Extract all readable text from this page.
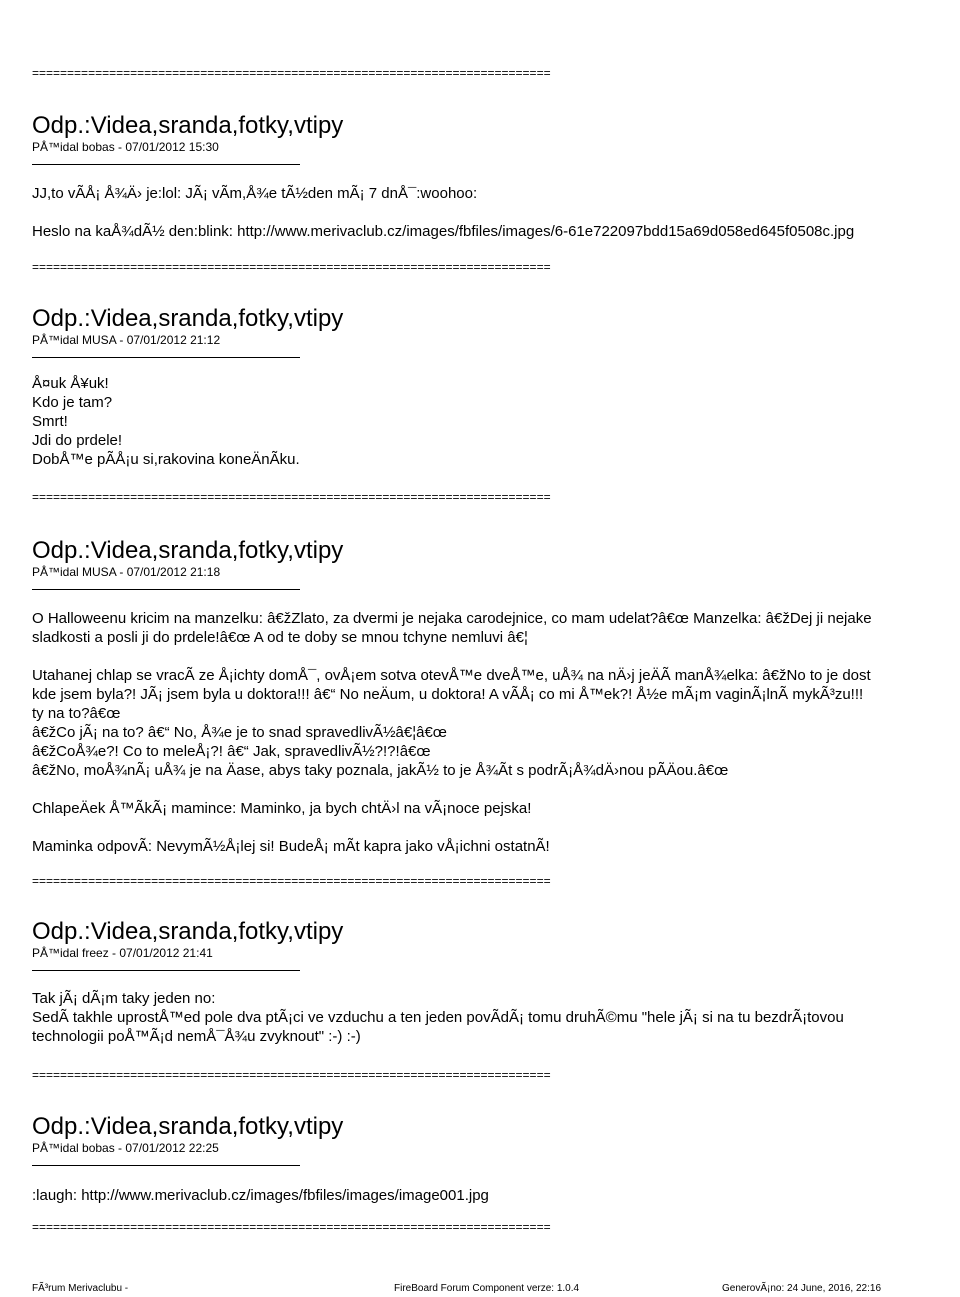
==========================================================================
Odp.:Videa,sranda,fotky,vtipy
PÅ™idal bobas - 07/01/2012 15:30
JJ,to vÃÅ¡ Å¾Ä› je:lol: JÃ¡ vÃm,Å¾e tÃ½den mÃ¡ 7 dnÅ¯:woohoo:
Heslo na kaÅ¾dÃ½ den:blink: http://www.merivaclub.cz/images/fbfiles/images/6-61e722097bdd15a69d058ed645f0508c.jpg
==========================================================================
Odp.:Videa,sranda,fotky,vtipy
PÅ™idal MUSA - 07/01/2012 21:12
Å¤uk Å¥uk!
Kdo je tam?
Smrt!
Jdi do prdele!
DobÅ™e pÃÅ¡u si,rakovina koneÄnÃku.
==========================================================================
Odp.:Videa,sranda,fotky,vtipy
PÅ™idal MUSA - 07/01/2012 21:18
O Halloweenu kricim na manzelku: â€žZlato, za dvermi je nejaka carodejnice, co mam udelat?â€œ Manzelka: â€žDej ji nejake
sladkosti a posli ji do prdele!â€œ A od te doby se mnou tchyne nemluvi â€¦
Utahanej chlap se vracÃ ze Å¡ichty domÅ¯, ovÅ¡em sotva otevÅ™e dveÅ™e, uÅ¾ na nÄ›j jeÄÃ manÅ¾elka: â€žNo to je dost
kde jsem byla?! JÃ¡ jsem byla u doktora!!! â€“ No neÄum, u doktora! A vÃÅ¡ co mi Å™ek?! Å½e mÃ¡m vaginÃ¡lnÃ mykÃ³zu!!!
ty na to?â€œ
â€žCo jÃ¡ na to? â€“ No, Å¾e je to snad spravedlivÃ½â€¦â€œ
â€žCoÅ¾e?! Co to meleÅ¡?! â€“ Jak, spravedlivÃ½?!?!â€œ
â€žNo, moÅ¾nÃ¡ uÅ¾ je na Äase, abys taky poznala, jakÃ½ to je Å¾Ãt s podrÃ¡Å¾dÄ›nou pÃÄou.â€œ
ChlapeÄek Å™ÃkÃ¡ mamince: Maminko, ja bych chtÄ›l na vÃ¡noce pejska!
Maminka odpovÃ: NevymÃ½Å¡lej si! BudeÅ¡ mÃt kapra jako vÅ¡ichni ostatnÃ!
==========================================================================
Odp.:Videa,sranda,fotky,vtipy
PÅ™idal freez - 07/01/2012 21:41
Tak jÃ¡ dÃ¡m taky jeden no:
SedÃ takhle uprostÅ™ed pole dva ptÃ¡ci ve vzduchu a ten jeden povÃdÃ¡ tomu druhÃ©mu "hele jÃ¡ si na tu bezdrÃ¡tovou
technologii poÅ™Ã¡d nemÅ¯Å¾u zvyknout" :-) :-)
==========================================================================
Odp.:Videa,sranda,fotky,vtipy
PÅ™idal bobas - 07/01/2012 22:25
:laugh: http://www.merivaclub.cz/images/fbfiles/images/image001.jpg
==========================================================================
FÃ³rum Merivaclubu -	FireBoard Forum Component verze: 1.0.4	GenerovÃ¡no: 24 June, 2016, 22:16
